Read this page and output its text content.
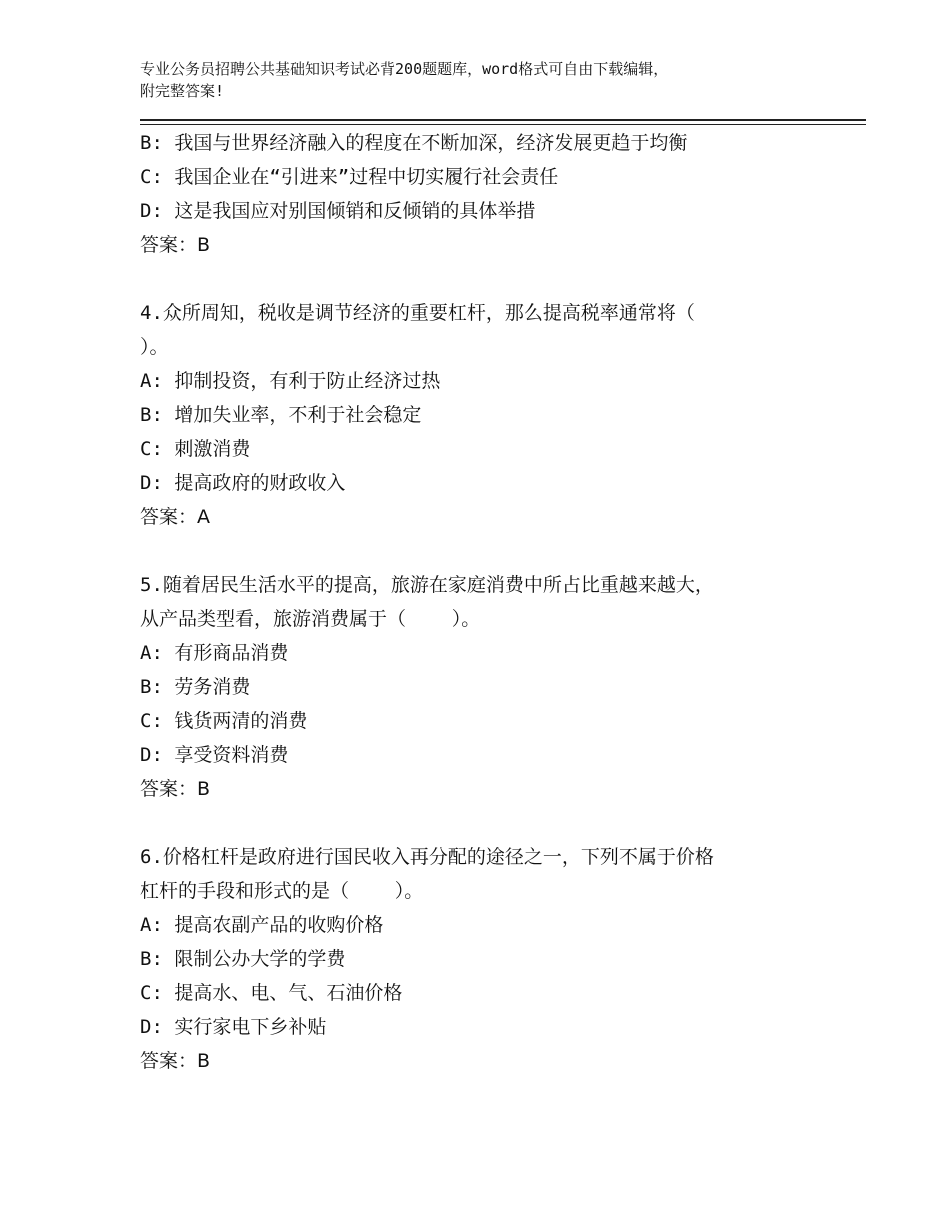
专业公务员招聘公共基础知识考试必背200题题库，word格式可自由下载编辑，
附完整答案!
B: 我国与世界经济融入的程度在不断加深，经济发展更趋于均衡
C: 我国企业在“引进来”过程中切实履行社会责任
D: 这是我国应对别国倾销和反倾销的具体举措
答案：B
4.众所周知，税收是调节经济的重要杠杆，那么提高税率通常将（
）。
A: 抑制投资，有利于防止经济过热
B: 增加失业率，不利于社会稳定
C: 刺激消费
D: 提高政府的财政收入
答案：A
5.随着居民生活水平的提高，旅游在家庭消费中所占比重越来越大，
从产品类型看，旅游消费属于（    ）。
A: 有形商品消费
B: 劳务消费
C: 钱货两清的消费
D: 享受资料消费
答案：B
6.价格杠杆是政府进行国民收入再分配的途径之一，下列不属于价格
杠杆的手段和形式的是（    ）。
A: 提高农副产品的收购价格
B: 限制公办大学的学费
C: 提高水、电、气、石油价格
D: 实行家电下乡补贴
答案：B
